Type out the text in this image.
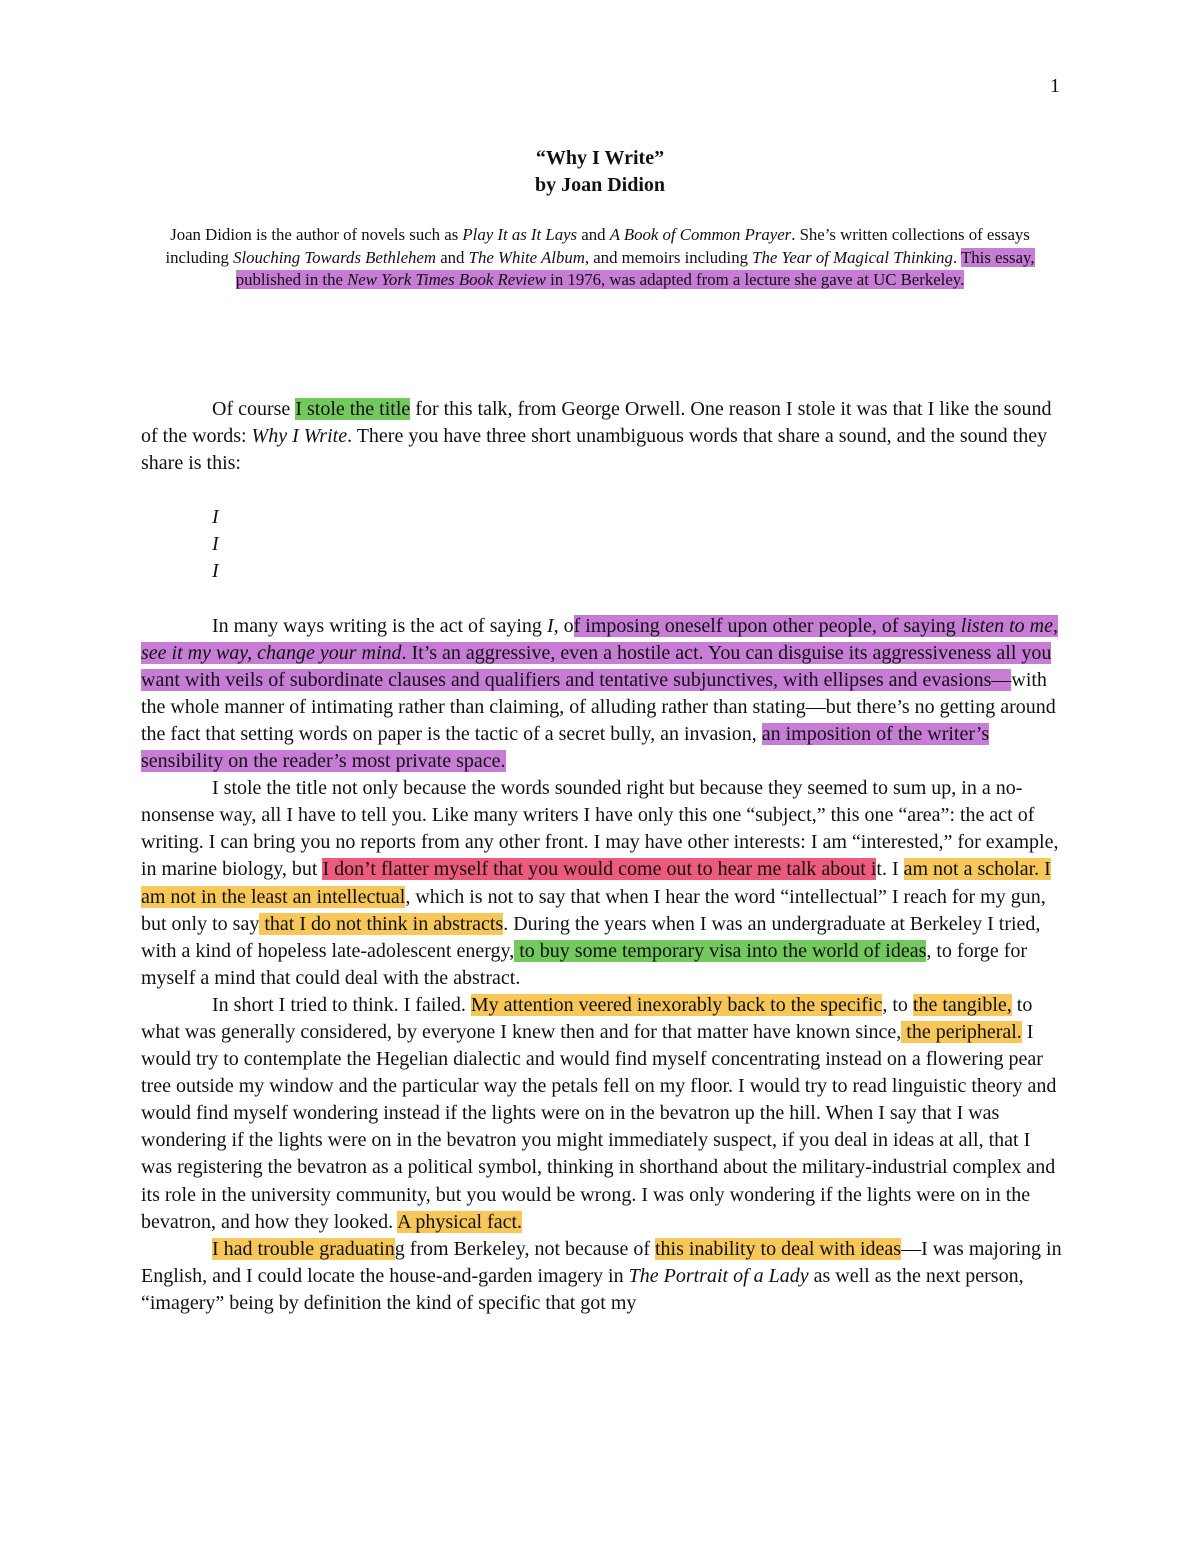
1
“Why I Write”
by Joan Didion
Joan Didion is the author of novels such as Play It as It Lays and A Book of Common Prayer. She’s written collections of essays including Slouching Towards Bethlehem and The White Album, and memoirs including The Year of Magical Thinking. This essay, published in the New York Times Book Review in 1976, was adapted from a lecture she gave at UC Berkeley.

Of course I stole the title for this talk, from George Orwell. One reason I stole it was that I like the sound of the words: Why I Write. There you have three short unambiguous words that share a sound, and the sound they share is this:

I
I
I

In many ways writing is the act of saying I, of imposing oneself upon other people, of saying listen to me, see it my way, change your mind. It’s an aggressive, even a hostile act. You can disguise its aggressiveness all you want with veils of subordinate clauses and qualifiers and tentative subjunctives, with ellipses and evasions—with the whole manner of intimating rather than claiming, of alluding rather than stating—but there’s no getting around the fact that setting words on paper is the tactic of a secret bully, an invasion, an imposition of the writer’s sensibility on the reader’s most private space.

I stole the title not only because the words sounded right but because they seemed to sum up, in a no-nonsense way, all I have to tell you. Like many writers I have only this one “subject,” this one “area”: the act of writing. I can bring you no reports from any other front. I may have other interests: I am “interested,” for example, in marine biology, but I don’t flatter myself that you would come out to hear me talk about it. I am not a scholar. I am not in the least an intellectual, which is not to say that when I hear the word “intellectual” I reach for my gun, but only to say that I do not think in abstracts. During the years when I was an undergraduate at Berkeley I tried, with a kind of hopeless late-adolescent energy, to buy some temporary visa into the world of ideas, to forge for myself a mind that could deal with the abstract.

In short I tried to think. I failed. My attention veered inexorably back to the specific, to the tangible, to what was generally considered, by everyone I knew then and for that matter have known since, the peripheral. I would try to contemplate the Hegelian dialectic and would find myself concentrating instead on a flowering pear tree outside my window and the particular way the petals fell on my floor. I would try to read linguistic theory and would find myself wondering instead if the lights were on in the bevatron up the hill. When I say that I was wondering if the lights were on in the bevatron you might immediately suspect, if you deal in ideas at all, that I was registering the bevatron as a political symbol, thinking in shorthand about the military-industrial complex and its role in the university community, but you would be wrong. I was only wondering if the lights were on in the bevatron, and how they looked. A physical fact.

I had trouble graduating from Berkeley, not because of this inability to deal with ideas—I was majoring in English, and I could locate the house-and-garden imagery in The Portrait of a Lady as well as the next person, “imagery” being by definition the kind of specific that got my
